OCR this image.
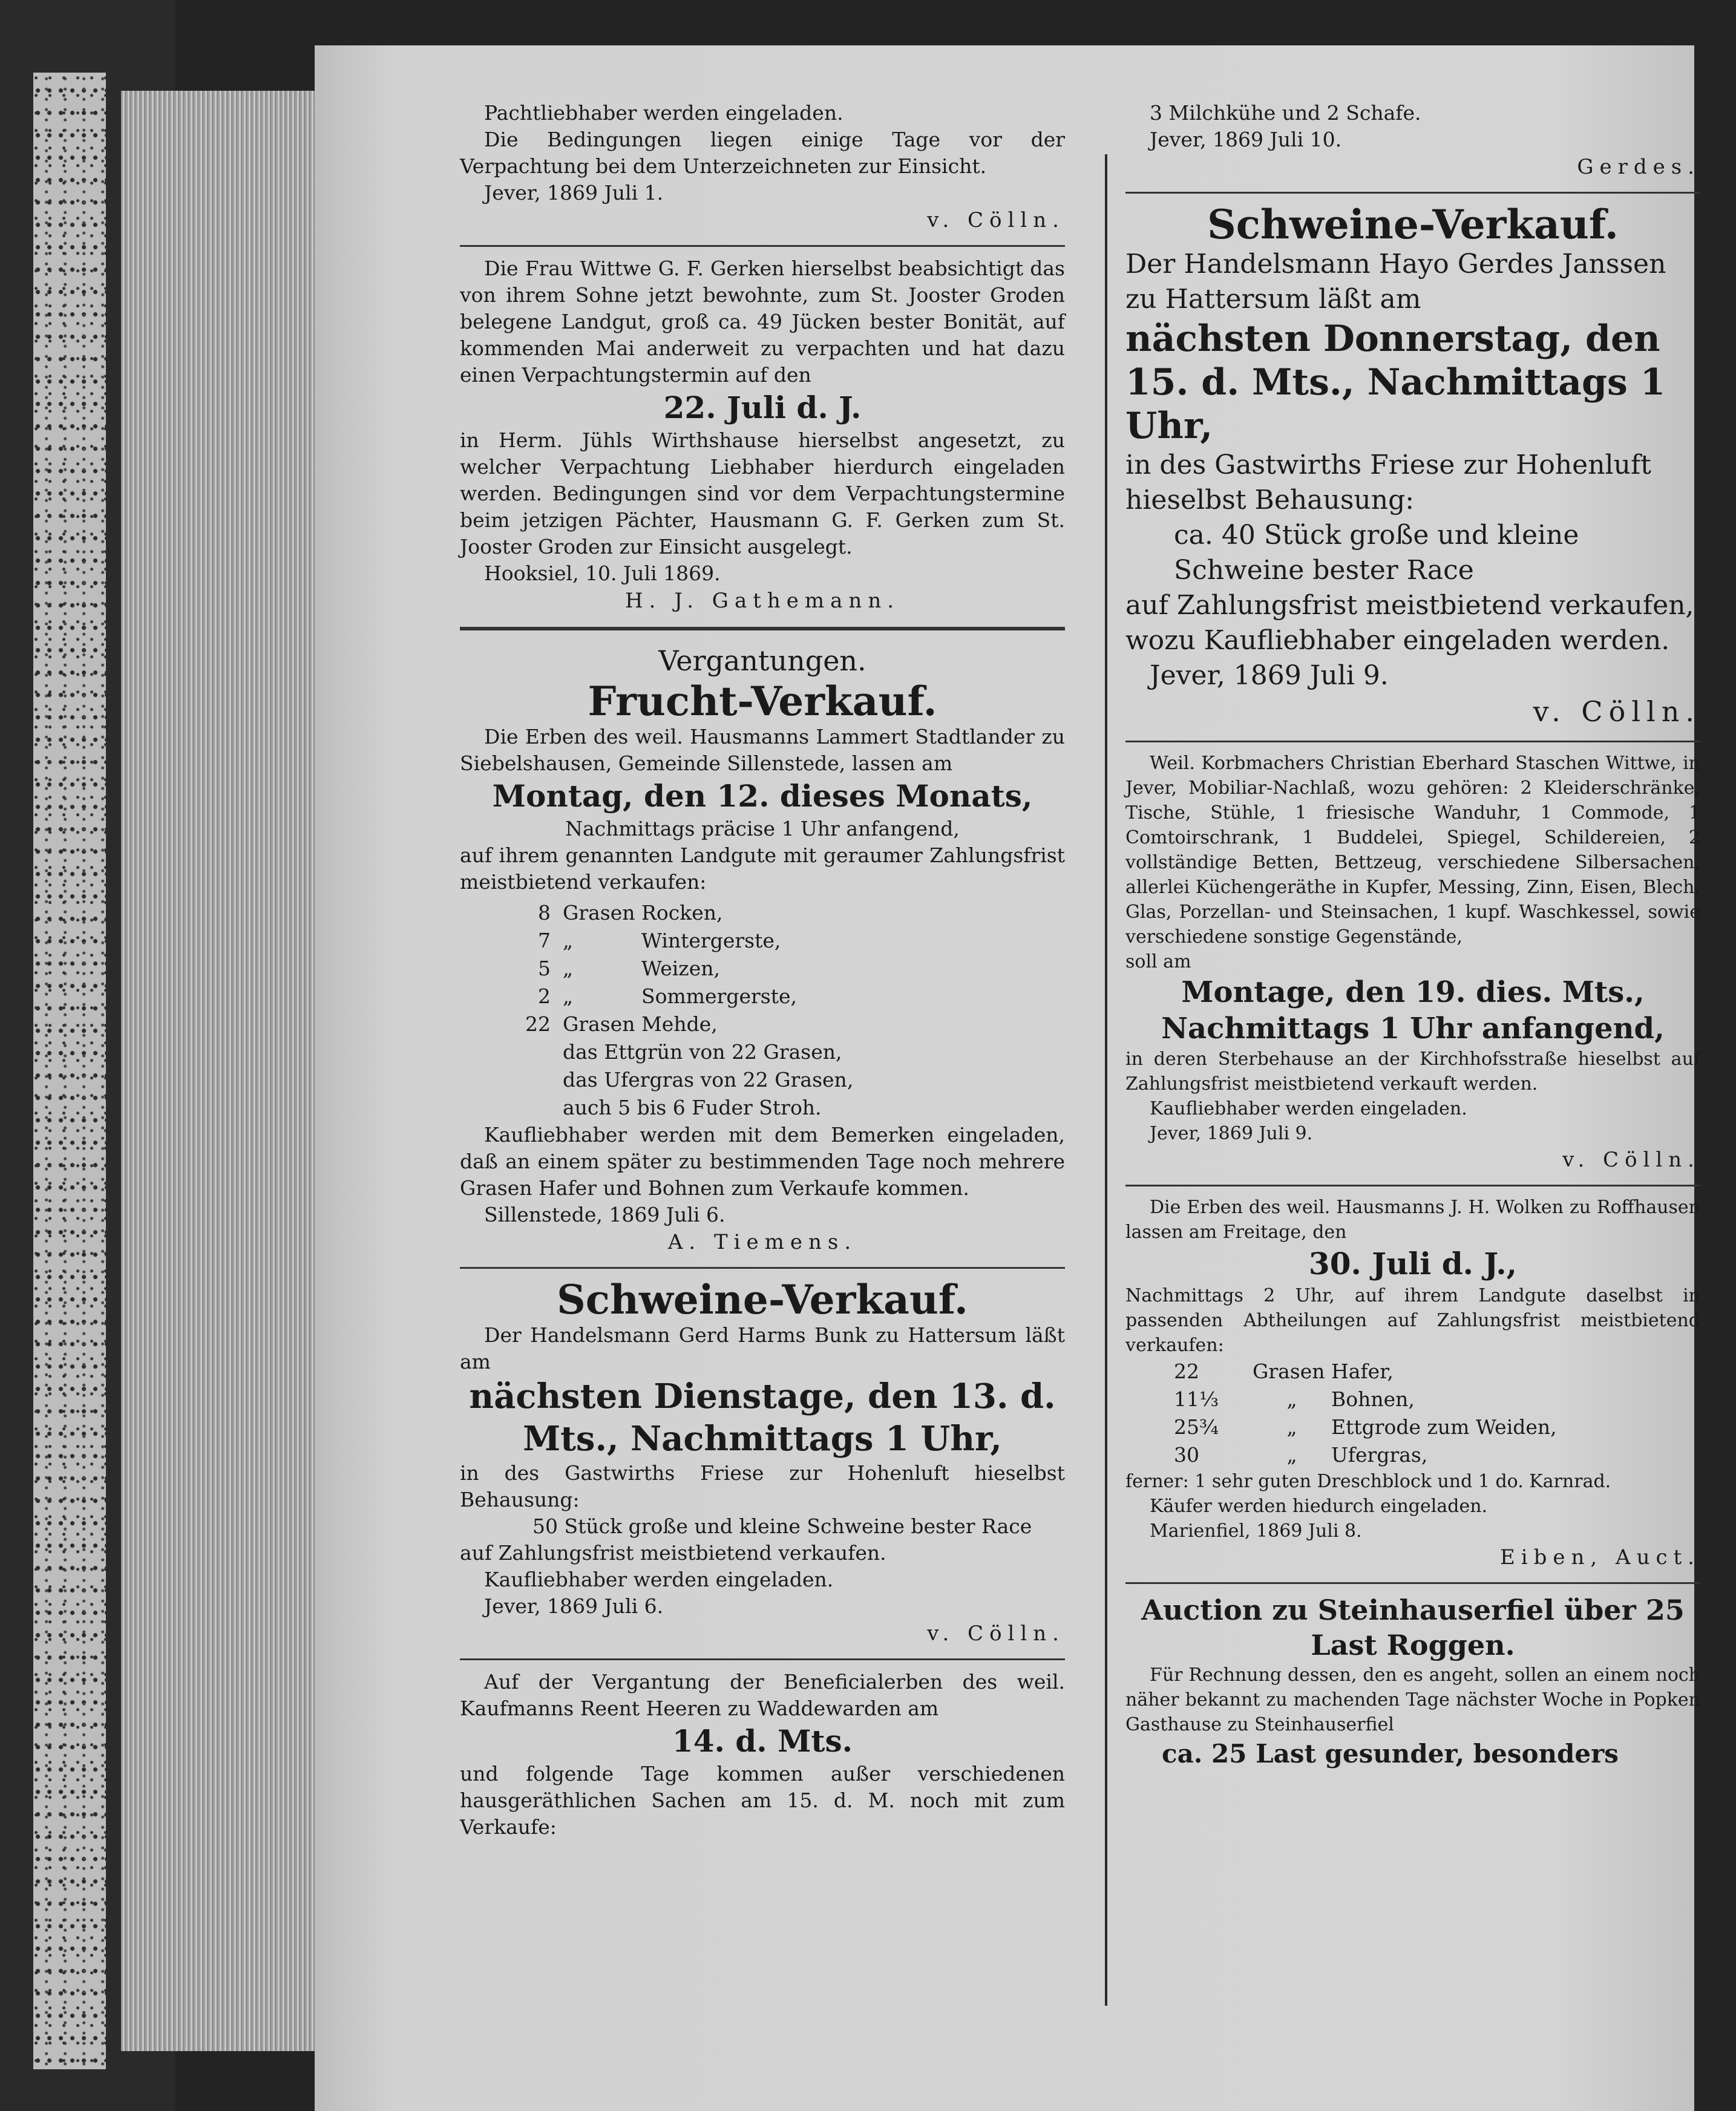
Pachtliebhaber werden eingeladen.

Die Bedingungen liegen einige Tage vor der Verpachtung bei dem Unterzeichneten zur Einsicht.

Jever, 1869 Juli 1.

v. Cölln.

Die Frau Wittwe G. F. Gerken hierselbst beabsichtigt das von ihrem Sohne jetzt bewohnte, zum St. Jooster Groden belegene Landgut, groß ca. 49 Jücken bester Bonität, auf kommenden Mai anderweit zu verpachten und hat dazu einen Verpachtungstermin auf den

22. Juli d. J.

in Herm. Jühls Wirthshause hierselbst angesetzt, zu welcher Verpachtung Liebhaber hierdurch eingeladen werden. Bedingungen sind vor dem Verpachtungstermine beim jetzigen Pächter, Hausmann G. F. Gerken zum St. Jooster Groden zur Einsicht ausgelegt.

Hooksiel, 10. Juli 1869.

H. J. Gathemann.

Vergantungen.

Frucht-Verkauf.

Die Erben des weil. Hausmanns Lammert Stadtlander zu Siebelshausen, Gemeinde Sillenstede, lassen am

Montag, den 12. dieses Monats,

Nachmittags präcise 1 Uhr anfangend,

auf ihrem genannten Landgute mit geraumer Zahlungsfrist meistbietend verkaufen:

8 Grasen Rocken,
7 „	Wintergerste,
5 „	Weizen,
2 „	Sommergerste,
22 Grasen Mehde,
das Ettgrün von 22 Grasen,
das Ufergras von 22 Grasen,
auch 5 bis 6 Fuder Stroh.

Kaufliebhaber werden mit dem Bemerken eingeladen, daß an einem später zu bestimmenden Tage noch mehrere Grasen Hafer und Bohnen zum Verkaufe kommen.

Sillenstede, 1869 Juli 6.

A. Tiemens.

Schweine-Verkauf.

Der Handelsmann Gerd Harms Bunk zu Hattersum läßt am

nächsten Dienstage, den 13. d. Mts., Nachmittags 1 Uhr,

in des Gastwirths Friese zur Hohenluft hieselbst Behausung:

50 Stück große und kleine Schweine bester Race

auf Zahlungsfrist meistbietend verkaufen.

Kaufliebhaber werden eingeladen.

Jever, 1869 Juli 6.

v. Cölln.

Auf der Vergantung der Beneficialerben des weil. Kaufmanns Reent Heeren zu Waddewarden am

14. d. Mts.

und folgende Tage kommen außer verschiedenen hausgeräthlichen Sachen am 15. d. M. noch mit zum Verkaufe:

3 Milchkühe und 2 Schafe.

Jever, 1869 Juli 10.

Gerdes.

Schweine-Verkauf.

Der Handelsmann Hayo Gerdes Janssen zu Hattersum läßt am

nächsten Donnerstag, den 15. d. Mts., Nachmittags 1 Uhr,

in des Gastwirths Friese zur Hohenluft hieselbst Behausung:

ca. 40 Stück große und kleine Schweine bester Race

auf Zahlungsfrist meistbietend verkaufen, wozu Kaufliebhaber eingeladen werden.

Jever, 1869 Juli 9.

v. Cölln.

Weil. Korbmachers Christian Eberhard Staschen Wittwe, in Jever, Mobiliar-Nachlaß, wozu gehören: 2 Kleiderschränke, Tische, Stühle, 1 friesische Wanduhr, 1 Commode, 1 Comtoirschrank, 1 Buddelei, Spiegel, Schildereien, 2 vollständige Betten, Bettzeug, verschiedene Silbersachen, allerlei Küchengeräthe in Kupfer, Messing, Zinn, Eisen, Blech, Glas, Porzellan- und Steinsachen, 1 kupf. Waschkessel, sowie verschiedene sonstige Gegenstände,

soll am

Montage, den 19. dies. Mts., Nachmittags 1 Uhr anfangend,

in deren Sterbehause an der Kirchhofsstraße hieselbst auf Zahlungsfrist meistbietend verkauft werden.

Kaufliebhaber werden eingeladen.

Jever, 1869 Juli 9.

v. Cölln.

Die Erben des weil. Hausmanns J. H. Wolken zu Roffhausen lassen am Freitage, den

30. Juli d. J.,

Nachmittags 2 Uhr, auf ihrem Landgute daselbst in passenden Abtheilungen auf Zahlungsfrist meistbietend verkaufen:

22	Grasen Hafer,
11⅓	„	Bohnen,
25¾	„	Ettgrode zum Weiden,
30	„	Ufergras,

ferner: 1 sehr guten Dreschblock und 1 do. Karnrad.

Käufer werden hiedurch eingeladen.

Marienfiel, 1869 Juli 8.

Eiben, Auct.

Auction zu Steinhauserfiel über 25 Last Roggen.

Für Rechnung dessen, den es angeht, sollen an einem noch näher bekannt zu machenden Tage nächster Woche in Popken Gasthause zu Steinhauserfiel

ca. 25 Last gesunder, besonders
